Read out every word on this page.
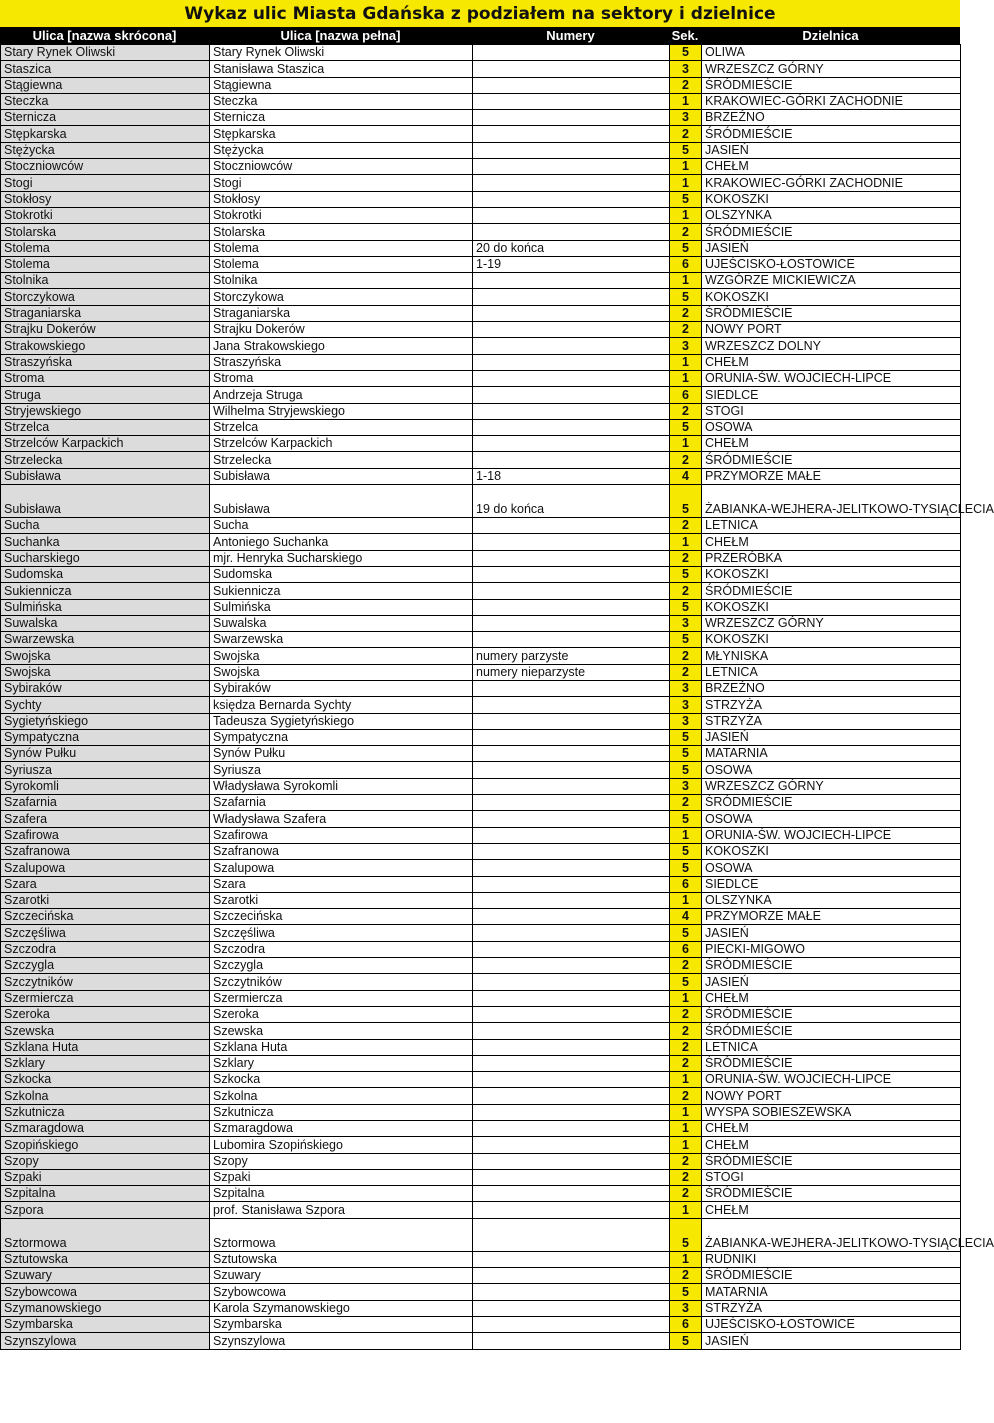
Wykaz ulic Miasta Gdańska z podziałem na sektory i dzielnice
Ulica [nazwa skrócona]	Ulica [nazwa pełna]	Numery	Sek.	Dzielnica
Stary Rynek Oliwski	Stary Rynek Oliwski		5	OLIWA
Staszica	Stanisława Staszica		3	WRZESZCZ GÓRNY
Stągiewna	Stągiewna		2	ŚRÓDMIEŚCIE
Steczka	Steczka		1	KRAKOWIEC-GÓRKI ZACHODNIE
Sternicza	Sternicza		3	BRZEŹNO
Stępkarska	Stępkarska		2	ŚRÓDMIEŚCIE
Stężycka	Stężycka		5	JASIEŃ
Stoczniowców	Stoczniowców		1	CHEŁM
Stogi	Stogi		1	KRAKOWIEC-GÓRKI ZACHODNIE
Stokłosy	Stokłosy		5	KOKOSZKI
Stokrotki	Stokrotki		1	OLSZYNKA
Stolarska	Stolarska		2	ŚRÓDMIEŚCIE
Stolema	Stolema	20 do końca	5	JASIEŃ
Stolema	Stolema	1-19	6	UJEŚCISKO-ŁOSTOWICE
Stolnika	Stolnika		1	WZGÓRZE MICKIEWICZA
Storczykowa	Storczykowa		5	KOKOSZKI
Straganiarska	Straganiarska		2	ŚRÓDMIEŚCIE
Strajku Dokerów	Strajku Dokerów		2	NOWY PORT
Strakowskiego	Jana Strakowskiego		3	WRZESZCZ DOLNY
Straszyńska	Straszyńska		1	CHEŁM
Stroma	Stroma		1	ORUNIA-ŚW. WOJCIECH-LIPCE
Struga	Andrzeja Struga		6	SIEDLCE
Stryjewskiego	Wilhelma Stryjewskiego		2	STOGI
Strzelca	Strzelca		5	OSOWA
Strzelców Karpackich	Strzelców Karpackich		1	CHEŁM
Strzelecka	Strzelecka		2	ŚRÓDMIEŚCIE
Subisława	Subisława	1-18	4	PRZYMORZE MAŁE
Subisława	Subisława	19 do końca	5	ŻABIANKA-WEJHERA-JELITKOWO-TYSIĄCLECIA
Sucha	Sucha		2	LETNICA
Suchanka	Antoniego Suchanka		1	CHEŁM
Sucharskiego	mjr. Henryka Sucharskiego		2	PRZERÓBKA
Sudomska	Sudomska		5	KOKOSZKI
Sukiennicza	Sukiennicza		2	ŚRÓDMIEŚCIE
Sulmińska	Sulmińska		5	KOKOSZKI
Suwalska	Suwalska		3	WRZESZCZ GÓRNY
Swarzewska	Swarzewska		5	KOKOSZKI
Swojska	Swojska	numery parzyste	2	MŁYNISKA
Swojska	Swojska	numery nieparzyste	2	LETNICA
Sybiraków	Sybiraków		3	BRZEŹNO
Sychty	księdza Bernarda Sychty		3	STRZYŻA
Sygietyńskiego	Tadeusza Sygietyńskiego		3	STRZYŻA
Sympatyczna	Sympatyczna		5	JASIEŃ
Synów Pułku	Synów Pułku		5	MATARNIA
Syriusza	Syriusza		5	OSOWA
Syrokomli	Władysława Syrokomli		3	WRZESZCZ GÓRNY
Szafarnia	Szafarnia		2	ŚRÓDMIEŚCIE
Szafera	Władysława Szafera		5	OSOWA
Szafirowa	Szafirowa		1	ORUNIA-ŚW. WOJCIECH-LIPCE
Szafranowa	Szafranowa		5	KOKOSZKI
Szalupowa	Szalupowa		5	OSOWA
Szara	Szara		6	SIEDLCE
Szarotki	Szarotki		1	OLSZYNKA
Szczecińska	Szczecińska		4	PRZYMORZE MAŁE
Szczęśliwa	Szczęśliwa		5	JASIEŃ
Szczodra	Szczodra		6	PIECKI-MIGOWO
Szczygla	Szczygla		2	ŚRÓDMIEŚCIE
Szczytników	Szczytników		5	JASIEŃ
Szermiercza	Szermiercza		1	CHEŁM
Szeroka	Szeroka		2	ŚRÓDMIEŚCIE
Szewska	Szewska		2	ŚRÓDMIEŚCIE
Szklana Huta	Szklana Huta		2	LETNICA
Szklary	Szklary		2	ŚRÓDMIEŚCIE
Szkocka	Szkocka		1	ORUNIA-ŚW. WOJCIECH-LIPCE
Szkolna	Szkolna		2	NOWY PORT
Szkutnicza	Szkutnicza		1	WYSPA SOBIESZEWSKA
Szmaragdowa	Szmaragdowa		1	CHEŁM
Szopińskiego	Lubomira Szopińskiego		1	CHEŁM
Szopy	Szopy		2	ŚRÓDMIEŚCIE
Szpaki	Szpaki		2	STOGI
Szpitalna	Szpitalna		2	ŚRÓDMIEŚCIE
Szpora	prof. Stanisława Szpora		1	CHEŁM
Sztormowa	Sztormowa		5	ŻABIANKA-WEJHERA-JELITKOWO-TYSIĄCLECIA
Sztutowska	Sztutowska		1	RUDNIKI
Szuwary	Szuwary		2	ŚRÓDMIEŚCIE
Szybowcowa	Szybowcowa		5	MATARNIA
Szymanowskiego	Karola Szymanowskiego		3	STRZYŻA
Szymbarska	Szymbarska		6	UJEŚCISKO-ŁOSTOWICE
Szynszylowa	Szynszylowa		5	JASIEŃ
